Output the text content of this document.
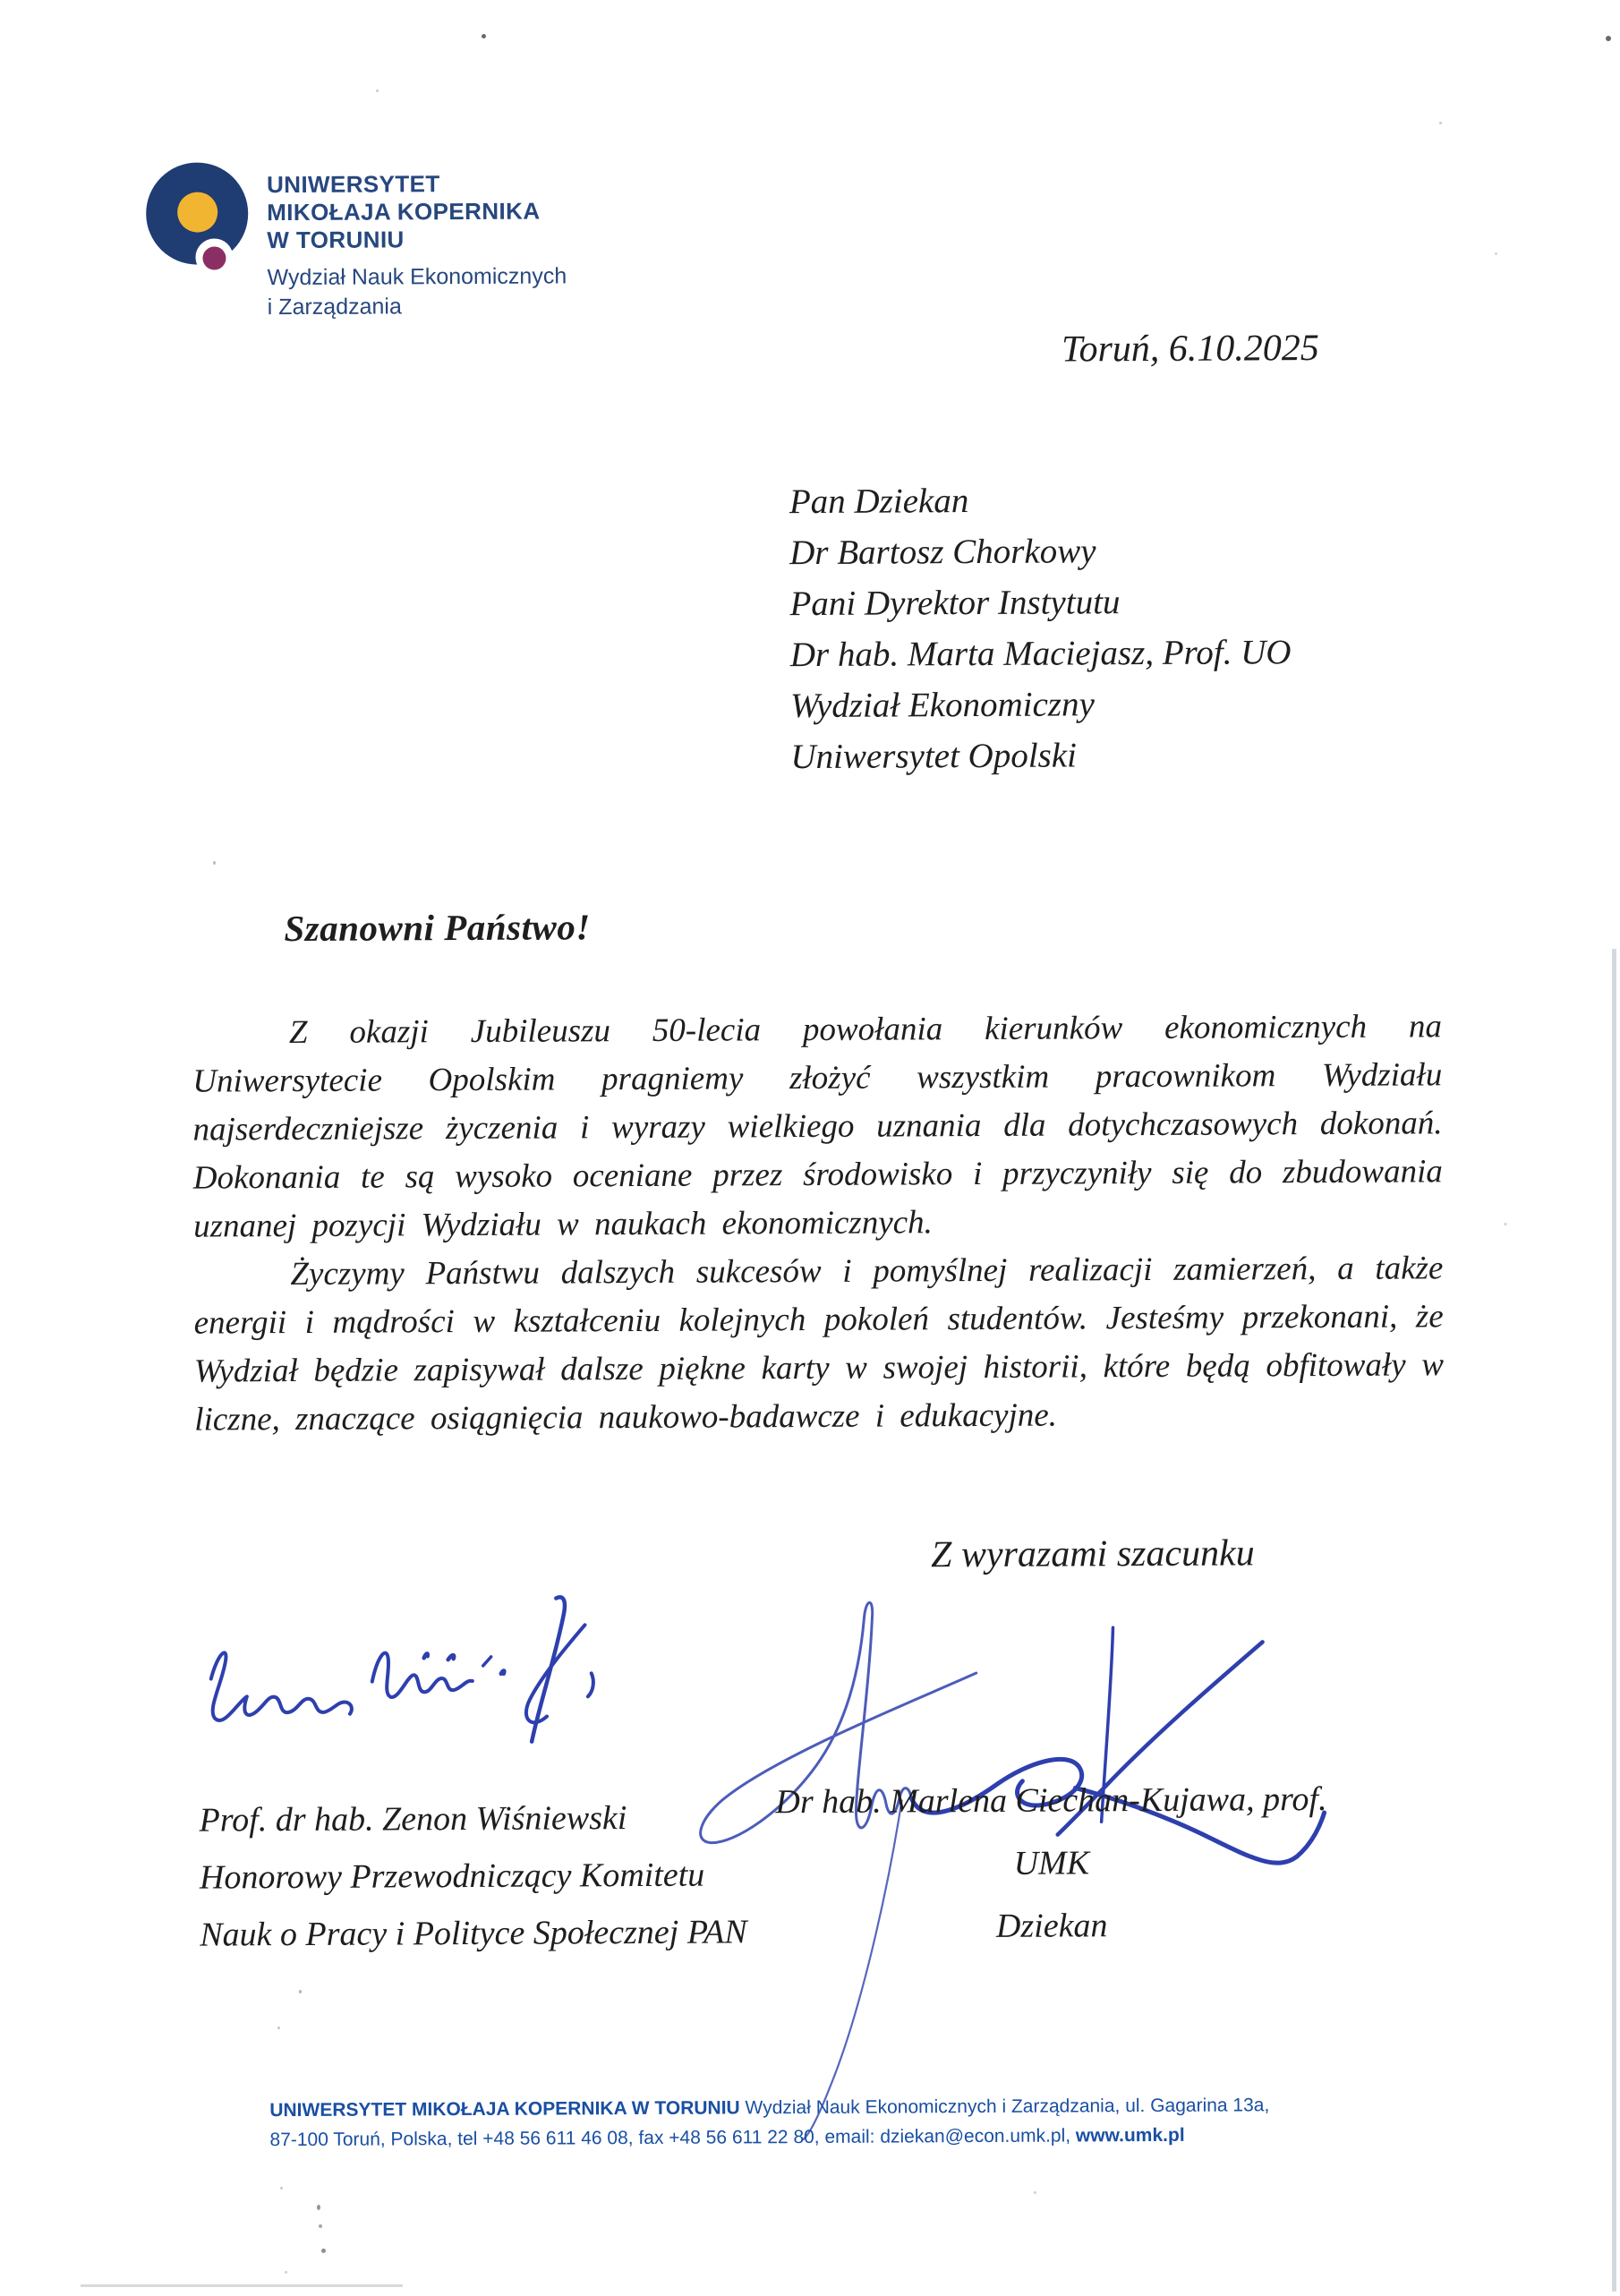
UNIWERSYTET
MIKOŁAJA KOPERNIKA
W TORUNIU
Wydział Nauk Ekonomicznych
i Zarządzania
Toruń, 6.10.2025
Pan Dziekan
Dr Bartosz Chorkowy
Pani Dyrektor Instytutu
Dr hab. Marta Maciejasz, Prof. UO
Wydział Ekonomiczny
Uniwersytet Opolski
Szanowni Państwo!

Z okazji Jubileuszu 50-lecia powołania kierunków ekonomicznych na Uniwersytecie Opolskim pragniemy złożyć wszystkim pracownikom Wydziału najserdeczniejsze życzenia i wyrazy wielkiego uznania dla dotychczasowych dokonań. Dokonania te są wysoko oceniane przez środowisko i przyczyniły się do zbudowania uznanej pozycji Wydziału w naukach ekonomicznych.

Życzymy Państwu dalszych sukcesów i pomyślnej realizacji zamierzeń, a także energii i mądrości w kształceniu kolejnych pokoleń studentów. Jesteśmy przekonani, że Wydział będzie zapisywał dalsze piękne karty w swojej historii, które będą obfitowały w liczne, znaczące osiągnięcia naukowo-badawcze i edukacyjne.

Z wyrazami szacunku
Prof. dr hab. Zenon Wiśniewski
Honorowy Przewodniczący Komitetu
Nauk o Pracy i Polityce Społecznej PAN
Dr hab. Marlena Ciechan-Kujawa, prof. UMK
Dziekan
UNIWERSYTET MIKOŁAJA KOPERNIKA W TORUNIU Wydział Nauk Ekonomicznych i Zarządzania, ul. Gagarina 13a,
87-100 Toruń, Polska, tel +48 56 611 46 08, fax +48 56 611 22 80, email: dziekan@econ.umk.pl, www.umk.pl
